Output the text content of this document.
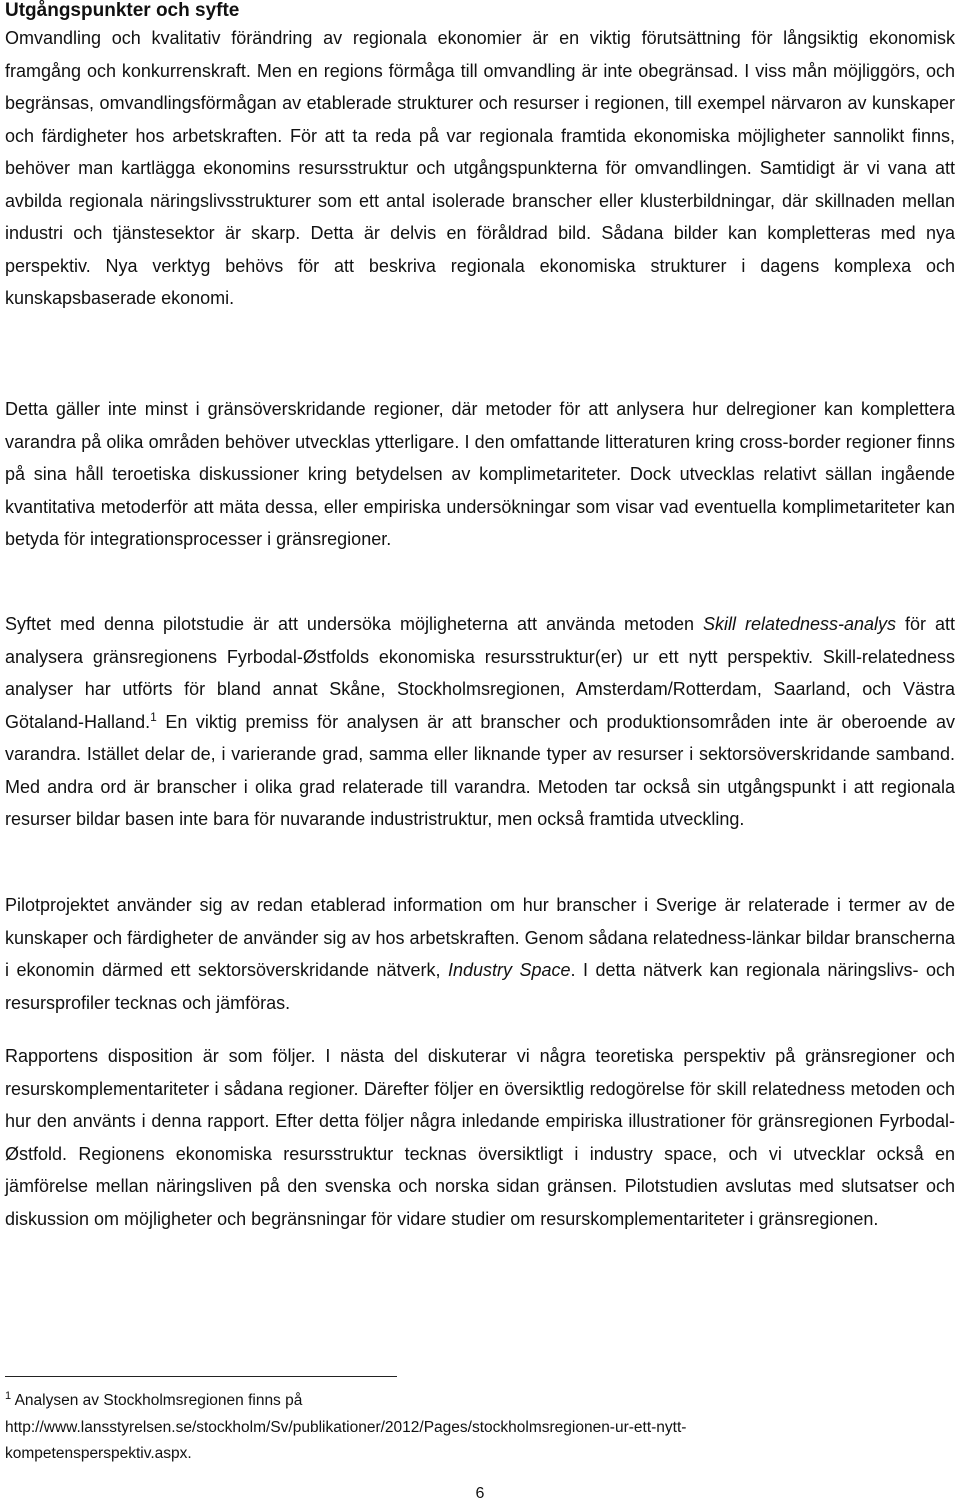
Utgångspunkter och syfte

Omvandling och kvalitativ förändring av regionala ekonomier är en viktig förutsättning för långsiktig ekonomisk framgång och konkurrenskraft. Men en regions förmåga till omvandling är inte obegränsad. I viss mån möjliggörs, och begränsas, omvandlingsförmågan av etablerade strukturer och resurser i regionen, till exempel närvaron av kunskaper och färdigheter hos arbetskraften. För att ta reda på var regionala framtida ekonomiska möjligheter sannolikt finns, behöver man kartlägga ekonomins resursstruktur och utgångspunkterna för omvandlingen. Samtidigt är vi vana att avbilda regionala näringslivsstrukturer som ett antal isolerade branscher eller klusterbildningar, där skillnaden mellan industri och tjänstesektor är skarp. Detta är delvis en föråldrad bild. Sådana bilder kan kompletteras med nya perspektiv. Nya verktyg behövs för att beskriva regionala ekonomiska strukturer i dagens komplexa och kunskapsbaserade ekonomi.

Detta gäller inte minst i gränsöverskridande regioner, där metoder för att anlysera hur delregioner kan komplettera varandra på olika områden behöver utvecklas ytterligare. I den omfattande litteraturen kring cross-border regioner finns på sina håll teroetiska diskussioner kring betydelsen av komplimetariteter. Dock utvecklas relativt sällan ingående kvantitativa metoderför att mäta dessa, eller empiriska undersökningar som visar vad eventuella komplimetariteter kan betyda för integrationsprocesser i gränsregioner.

Syftet med denna pilotstudie är att undersöka möjligheterna att använda metoden Skill relatedness-analys för att analysera gränsregionens Fyrbodal-Østfolds ekonomiska resursstruktur(er) ur ett nytt perspektiv. Skill-relatedness analyser har utförts för bland annat Skåne, Stockholmsregionen, Amsterdam/Rotterdam, Saarland, och Västra Götaland-Halland.$^1$ En viktig premiss för analysen är att branscher och produktionsområden inte är oberoende av varandra. Istället delar de, i varierande grad, samma eller liknande typer av resurser i sektorsöverskridande samband. Med andra ord är branscher i olika grad relaterade till varandra. Metoden tar också sin utgångspunkt i att regionala resurser bildar basen inte bara för nuvarande industristruktur, men också framtida utveckling.

Pilotprojektet använder sig av redan etablerad information om hur branscher i Sverige är relaterade i termer av de kunskaper och färdigheter de använder sig av hos arbetskraften. Genom sådana relatedness-länkar bildar branscherna i ekonomin därmed ett sektorsöverskridande nätverk, Industry Space. I detta nätverk kan regionala näringslivs- och resursprofiler tecknas och jämföras.

Rapportens disposition är som följer. I nästa del diskuterar vi några teoretiska perspektiv på gränsregioner och resurskomplementariteter i sådana regioner. Därefter följer en översiktlig redogörelse för skill relatedness metoden och hur den använts i denna rapport. Efter detta följer några inledande empiriska illustrationer för gränsregionen Fyrbodal-Østfold. Regionens ekonomiska resursstruktur tecknas översiktligt i industry space, och vi utvecklar också en jämförelse mellan näringsliven på den svenska och norska sidan gränsen. Pilotstudien avslutas med slutsatser och diskussion om möjligheter och begränsningar för vidare studier om resurskomplementariteter i gränsregionen.

$^1$ Analysen av Stockholmsregionen finns på
http://www.lansstyrelsen.se/stockholm/Sv/publikationer/2012/Pages/stockholmsregionen-ur-ett-nytt-
kompetensperspektiv.aspx.
6
